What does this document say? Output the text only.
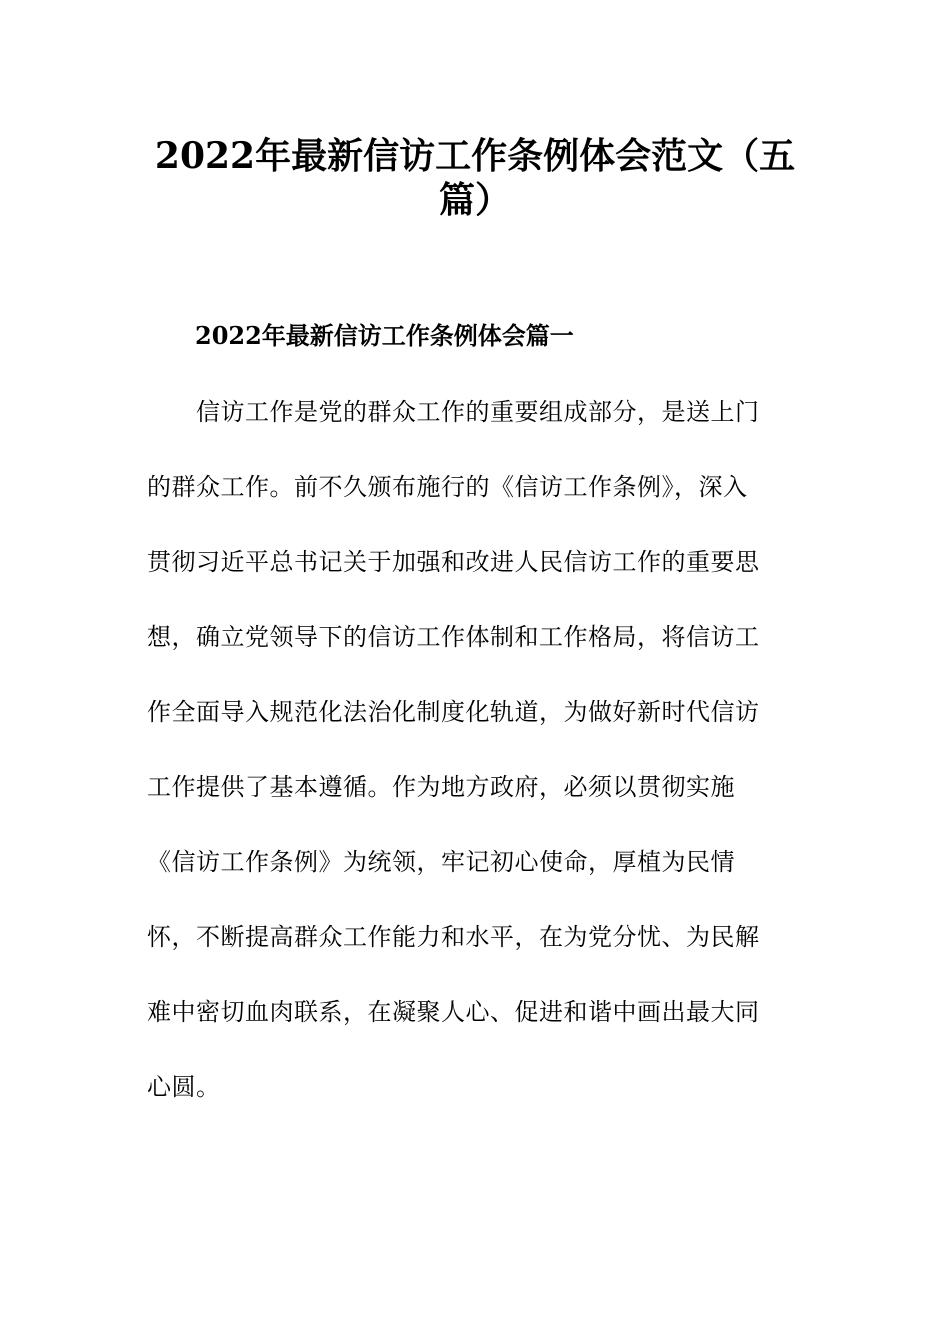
2022年最新信访工作条例体会范文（五
篇）
2022年最新信访工作条例体会篇一
　　信访工作是党的群众工作的重要组成部分，是送上门
的群众工作。前不久颁布施行的《信访工作条例》，深入
贯彻习近平总书记关于加强和改进人民信访工作的重要思
想，确立党领导下的信访工作体制和工作格局，将信访工
作全面导入规范化法治化制度化轨道，为做好新时代信访
工作提供了基本遵循。作为地方政府，必须以贯彻实施
《信访工作条例》为统领，牢记初心使命，厚植为民情
怀，不断提高群众工作能力和水平，在为党分忧、为民解
难中密切血肉联系，在凝聚人心、促进和谐中画出最大同
心圆。
